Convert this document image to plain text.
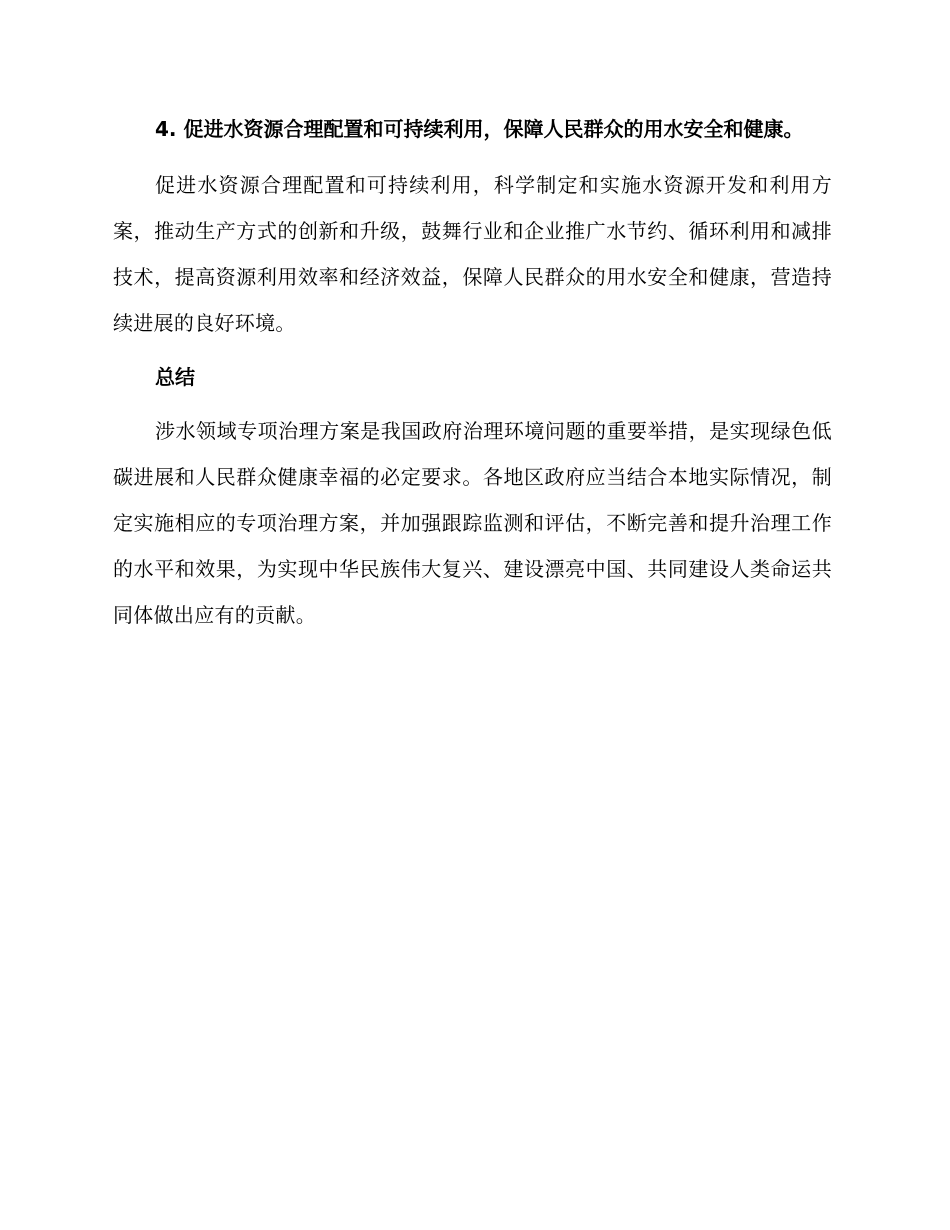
4. 促进水资源合理配置和可持续利用，保障人民群众的用水安全和健康。

促进水资源合理配置和可持续利用，科学制定和实施水资源开发和利用方案，推动生产方式的创新和升级，鼓舞行业和企业推广水节约、循环利用和减排技术，提高资源利用效率和经济效益，保障人民群众的用水安全和健康，营造持续进展的良好环境。

总结

涉水领域专项治理方案是我国政府治理环境问题的重要举措，是实现绿色低碳进展和人民群众健康幸福的必定要求。各地区政府应当结合本地实际情况，制定实施相应的专项治理方案，并加强跟踪监测和评估，不断完善和提升治理工作的水平和效果，为实现中华民族伟大复兴、建设漂亮中国、共同建设人类命运共同体做出应有的贡献。
